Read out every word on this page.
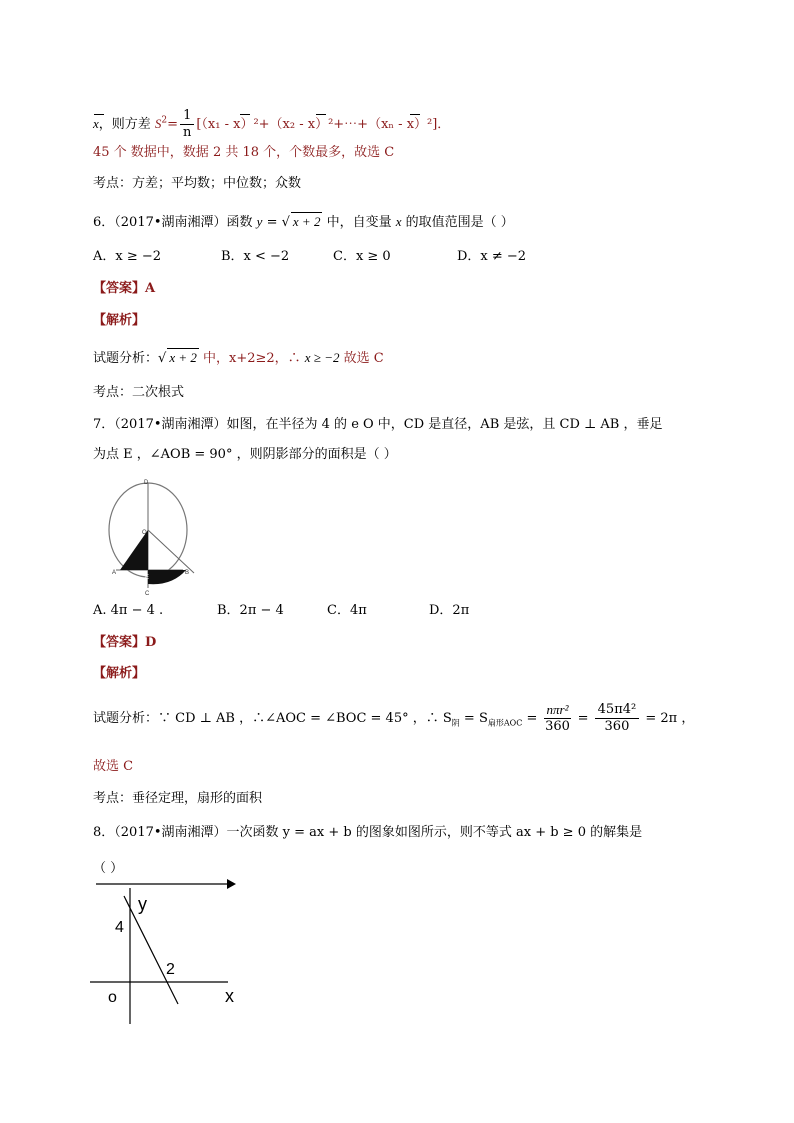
x，则方差 $S^2= \frac{1}{n} [(x_1 - x)^2+(x_2$ - x）²+⋯+（xₙ - x）²]．
45 个 数据中，数据 2 共 18 个，个数最多，故选 C
考点：方差；平均数；中位数；众数
6．（2017•湖南湘潭）函数 y = √ x + 2 中，自变量 x 的取值范围是（ ）
A．x ≥ −2	B．x < −2	C．x ≥ 0	D．x ≠ −2
【答案】A
【解析】
试题分析：√ x + 2 中，x+2≥2，∴ x ≥ −2 故选 C
考点：二次根式
7．（2017•湖南湘潭）如图，在半径为 4 的 e O 中，CD 是直径，AB 是弦，且 CD ⊥ AB ，垂足
为点 E ，∠AOB = 90° ，则阴影部分的面积是（ ）
D
O
A
E
B
C
A. 4π − 4 .	B．2π − 4	C．4π	D．2π
【答案】D
【解析】
试题分析：∵ CD ⊥ AB ，∴∠AOC = ∠BOC = 45° ，∴ $S_阴 = S_{扇形AOC} = \frac{\text{nπr²}}{360} = \frac{\text{45π4²}}{360} = 2\pi$ ，
故选 C
考点：垂径定理，扇形的面积
8．（2017•湖南湘潭）一次函数 y = ax + b 的图象如图所示，则不等式 ax + b ≥ 0 的解集是
（ ）
y
x
o
4
2
